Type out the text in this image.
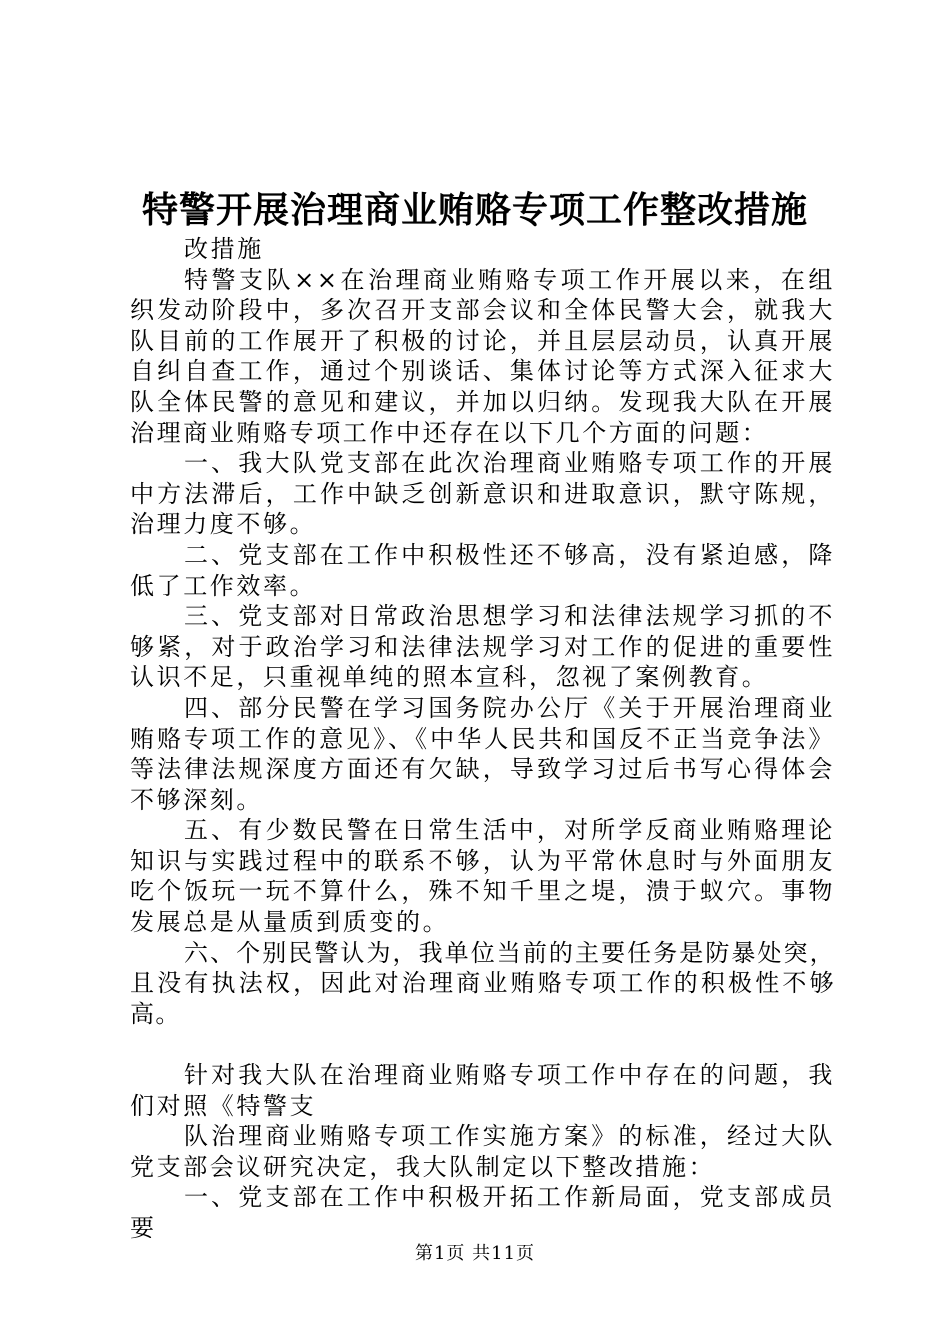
特警开展治理商业贿赂专项工作整改措施

改措施

特警支队××在治理商业贿赂专项工作开展以来，在组织发动阶段中，多次召开支部会议和全体民警大会，就我大队目前的工作展开了积极的讨论，并且层层动员，认真开展自纠自查工作，通过个别谈话、集体讨论等方式深入征求大队全体民警的意见和建议，并加以归纳。发现我大队在开展治理商业贿赂专项工作中还存在以下几个方面的问题：

一、我大队党支部在此次治理商业贿赂专项工作的开展中方法滞后，工作中缺乏创新意识和进取意识，默守陈规，治理力度不够。

二、党支部在工作中积极性还不够高，没有紧迫感，降低了工作效率。

三、党支部对日常政治思想学习和法律法规学习抓的不够紧，对于政治学习和法律法规学习对工作的促进的重要性认识不足，只重视单纯的照本宣科，忽视了案例教育。

四、部分民警在学习国务院办公厅《关于开展治理商业贿赂专项工作的意见》、《中华人民共和国反不正当竞争法》等法律法规深度方面还有欠缺，导致学习过后书写心得体会不够深刻。

五、有少数民警在日常生活中，对所学反商业贿赂理论知识与实践过程中的联系不够，认为平常休息时与外面朋友吃个饭玩一玩不算什么，殊不知千里之堤，溃于蚁穴。事物发展总是从量质到质变的。

六、个别民警认为，我单位当前的主要任务是防暴处突，且没有执法权，因此对治理商业贿赂专项工作的积极性不够高。

针对我大队在治理商业贿赂专项工作中存在的问题，我们对照《特警支

队治理商业贿赂专项工作实施方案》的标准，经过大队党支部会议研究决定，我大队制定以下整改措施：

一、党支部在工作中积极开拓工作新局面，党支部成员要

第1页 共11页
